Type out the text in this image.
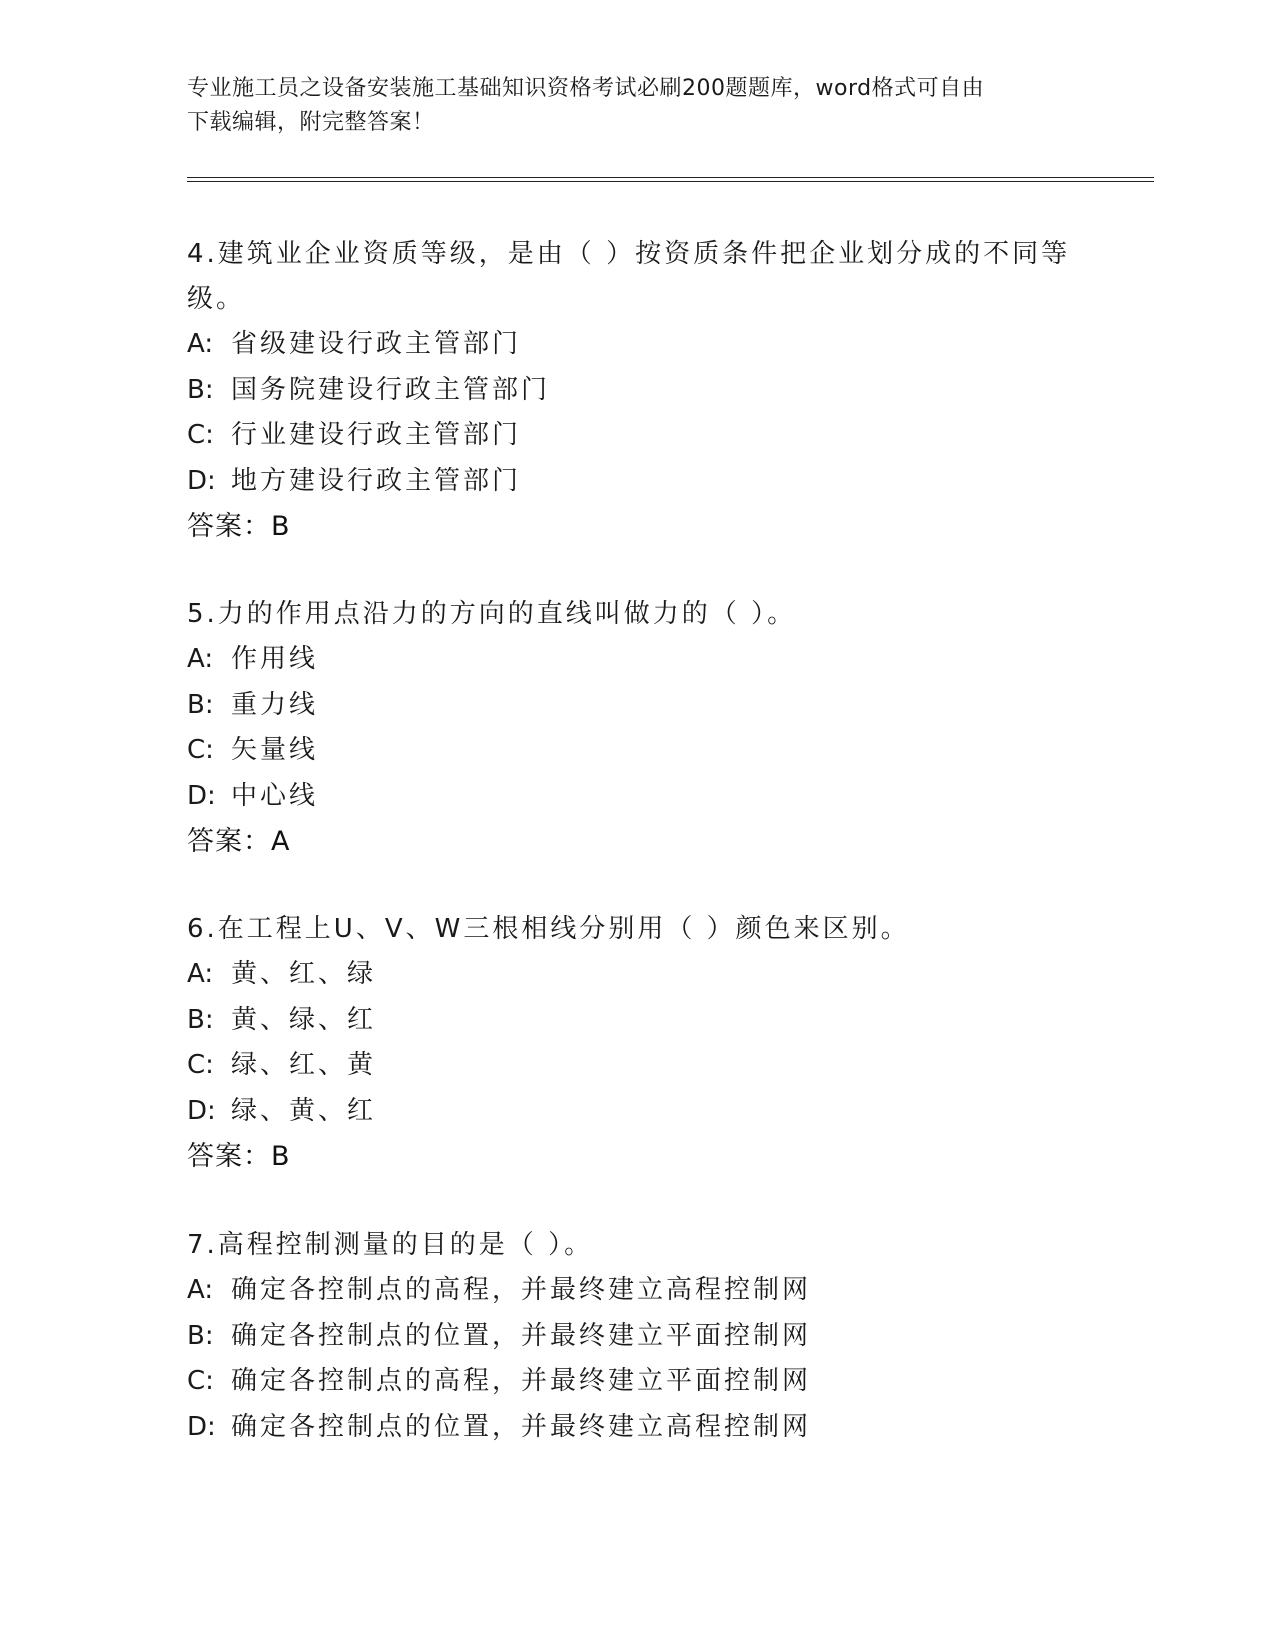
专业施工员之设备安装施工基础知识资格考试必刷200题题库，word格式可自由
下载编辑，附完整答案！

4.建筑业企业资质等级，是由（ ）按资质条件把企业划分成的不同等级。

A: 省级建设行政主管部门

B: 国务院建设行政主管部门

C: 行业建设行政主管部门

D: 地方建设行政主管部门

答案：B

5.力的作用点沿力的方向的直线叫做力的（ ）。

A: 作用线

B: 重力线

C: 矢量线

D: 中心线

答案：A

6.在工程上U、V、W三根相线分别用（ ）颜色来区别。

A: 黄、红、绿

B: 黄、绿、红

C: 绿、红、黄

D: 绿、黄、红

答案：B

7.高程控制测量的目的是（ ）。

A: 确定各控制点的高程，并最终建立高程控制网

B: 确定各控制点的位置，并最终建立平面控制网

C: 确定各控制点的高程，并最终建立平面控制网

D: 确定各控制点的位置，并最终建立高程控制网
